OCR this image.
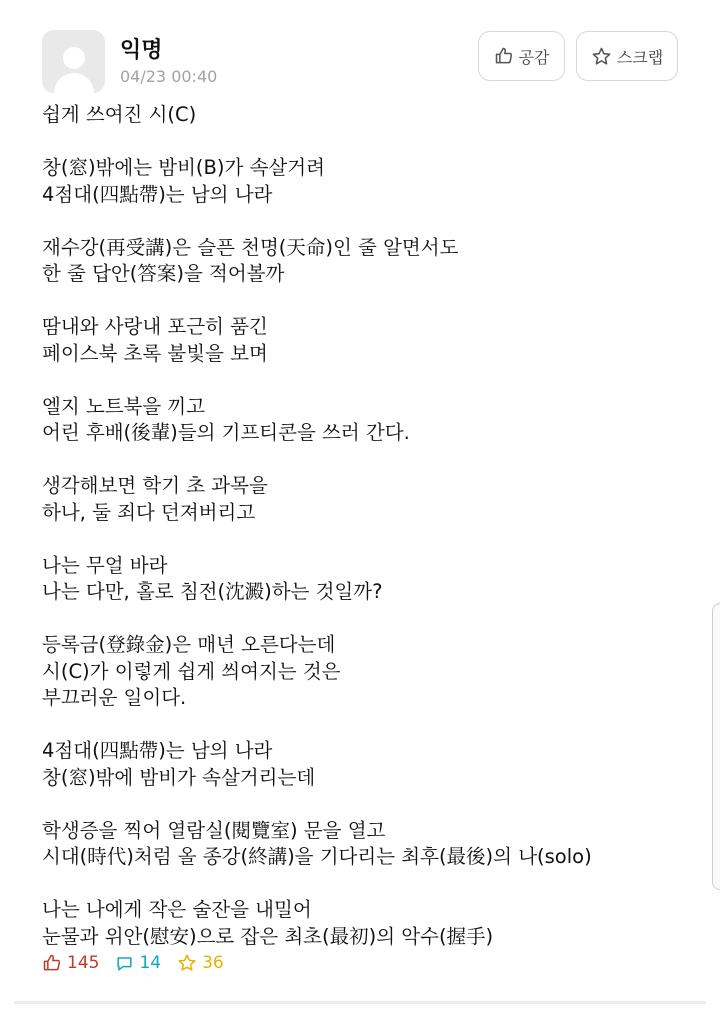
익명
04/23 00:40
공감	스크랩
쉽게 쓰여진 시(C)
창(窓)밖에는 밤비(B)가 속살거려
4점대(四點帶)는 남의 나라
재수강(再受講)은 슬픈 천명(天命)인 줄 알면서도
한 줄 답안(答案)을 적어볼까
땀내와 사랑내 포근히 품긴
페이스북 초록 불빛을 보며
엘지 노트북을 끼고
어린 후배(後輩)들의 기프티콘을 쓰러 간다.
생각해보면 학기 초 과목을
하나, 둘 죄다 던져버리고
나는 무얼 바라
나는 다만, 홀로 침전(沈澱)하는 것일까?
등록금(登錄金)은 매년 오른다는데
시(C)가 이렇게 쉽게 씌여지는 것은
부끄러운 일이다.
4점대(四點帶)는 남의 나라
창(窓)밖에 밤비가 속살거리는데
학생증을 찍어 열람실(閱覽室) 문을 열고
시대(時代)처럼 올 종강(終講)을 기다리는 최후(最後)의 나(solo)
나는 나에게 작은 술잔을 내밀어
눈물과 위안(慰安)으로 잡은 최초(最初)의 악수(握手)
145 14 36
